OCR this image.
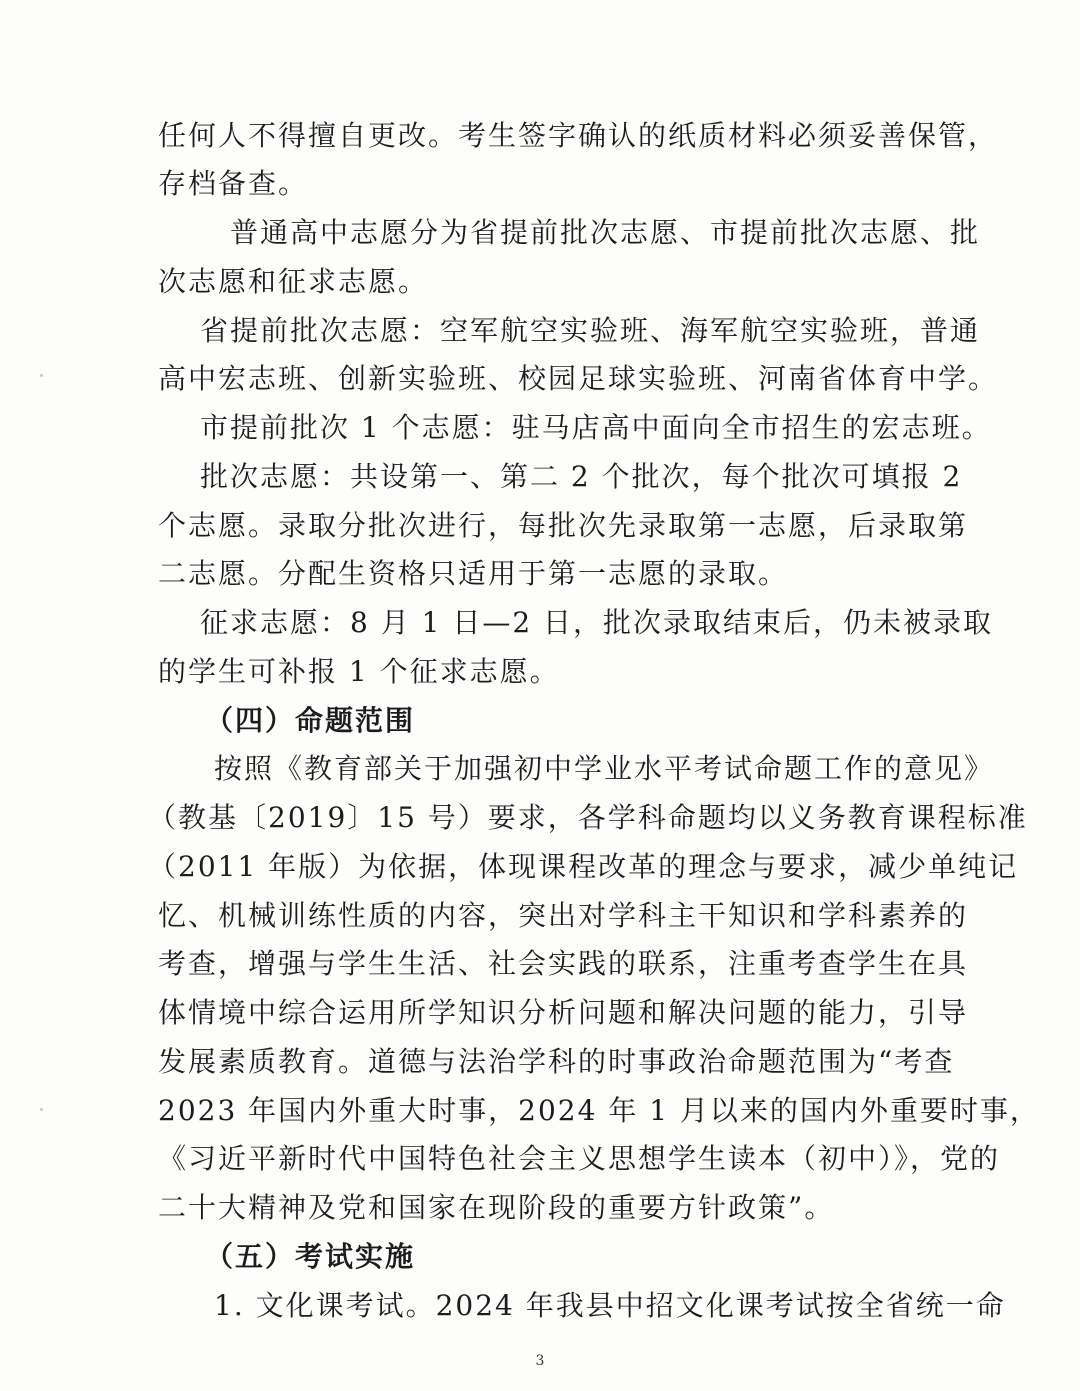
任何人不得擅自更改。考生签字确认的纸质材料必须妥善保管，
存档备查。
普通高中志愿分为省提前批次志愿、市提前批次志愿、批
次志愿和征求志愿。
省提前批次志愿：空军航空实验班、海军航空实验班，普通
高中宏志班、创新实验班、校园足球实验班、河南省体育中学。
市提前批次 1 个志愿：驻马店高中面向全市招生的宏志班。
批次志愿：共设第一、第二 2 个批次，每个批次可填报 2
个志愿。录取分批次进行，每批次先录取第一志愿，后录取第
二志愿。分配生资格只适用于第一志愿的录取。
征求志愿：8 月 1 日—2 日，批次录取结束后，仍未被录取
的学生可补报 1 个征求志愿。
（四）命题范围
按照《教育部关于加强初中学业水平考试命题工作的意见》
（教基〔2019〕15 号）要求，各学科命题均以义务教育课程标准
（2011 年版）为依据，体现课程改革的理念与要求，减少单纯记
忆、机械训练性质的内容，突出对学科主干知识和学科素养的
考查，增强与学生生活、社会实践的联系，注重考查学生在具
体情境中综合运用所学知识分析问题和解决问题的能力，引导
发展素质教育。道德与法治学科的时事政治命题范围为“考查
2023 年国内外重大时事，2024 年 1 月以来的国内外重要时事，
《习近平新时代中国特色社会主义思想学生读本（初中）》，党的
二十大精神及党和国家在现阶段的重要方针政策”。
（五）考试实施
1. 文化课考试。2024 年我县中招文化课考试按全省统一命
3
